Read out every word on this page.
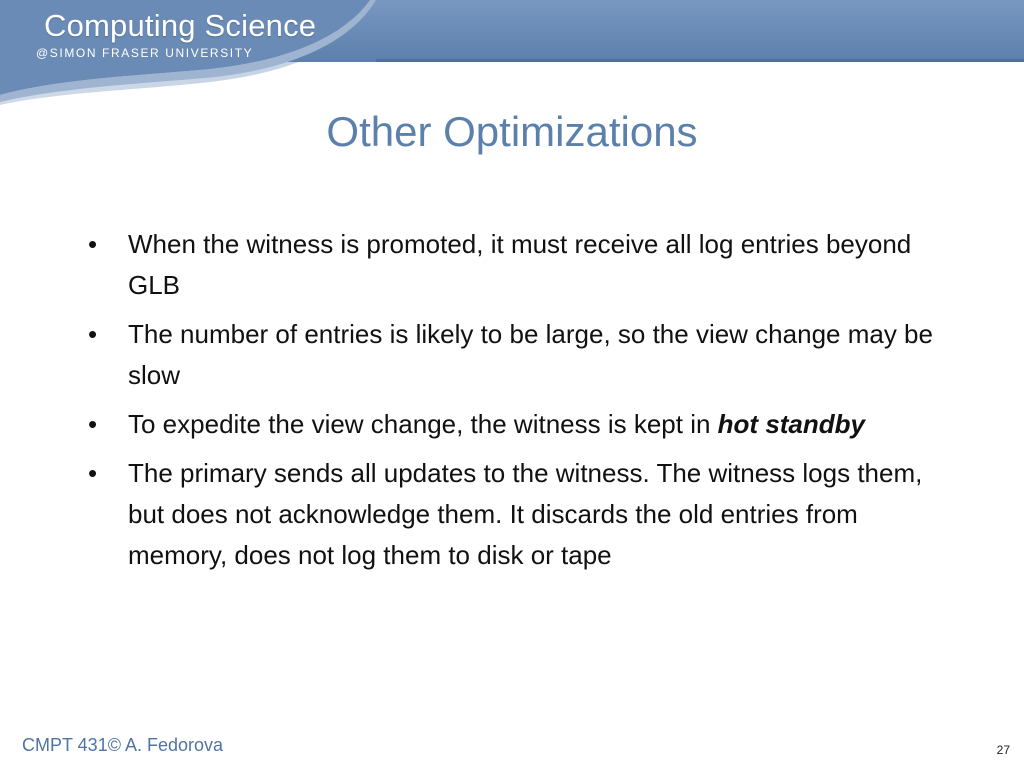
Computing Science
@SIMON FRASER UNIVERSITY
Other Optimizations
• When the witness is promoted, it must receive all log entries beyond GLB
• The number of entries is likely to be large, so the view change may be slow
• To expedite the view change, the witness is kept in hot standby
• The primary sends all updates to the witness. The witness logs them, but does not acknowledge them. It discards the old entries from memory, does not log them to disk or tape
CMPT 431© A. Fedorova	27
